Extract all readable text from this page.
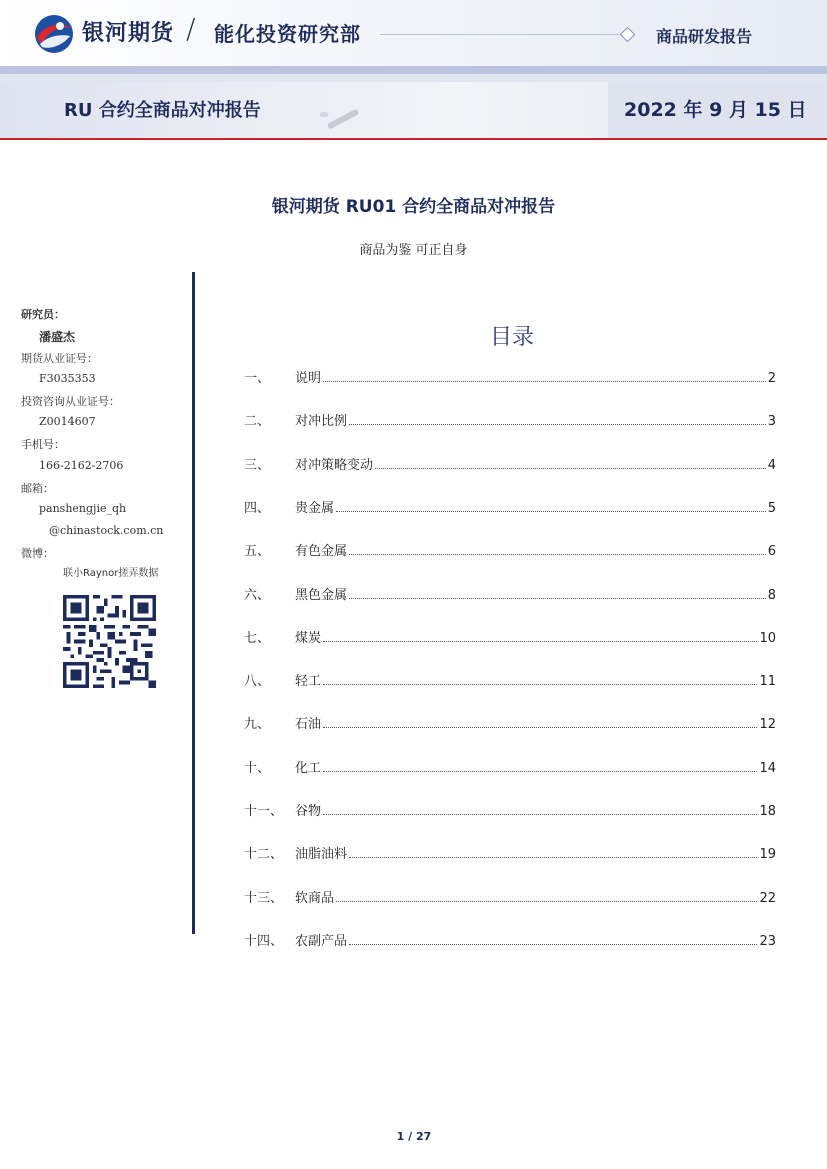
银河期货 / 能化投资研究部	商品研发报告
RU 合约全商品对冲报告	2022 年 9 月 15 日
银河期货 RU01 合约全商品对冲报告
商品为鉴 可正自身
研究员：
潘盛杰
期货从业证号：
F3035353
投资咨询从业证号：
Z0014607
手机号：
166-2162-2706
邮箱：
panshengjie_qh
@chinastock.com.cn
微博：
联小Raynor搓弄数据
目录
一、	说明	2
二、	对冲比例	3
三、	对冲策略变动	4
四、	贵金属	5
五、	有色金属	6
六、	黑色金属	8
七、	煤炭	10
八、	轻工	11
九、	石油	12
十、	化工	14
十一、 谷物	18
十二、 油脂油料	19
十三、 软商品	22
十四、 农副产品	23
1 / 27
